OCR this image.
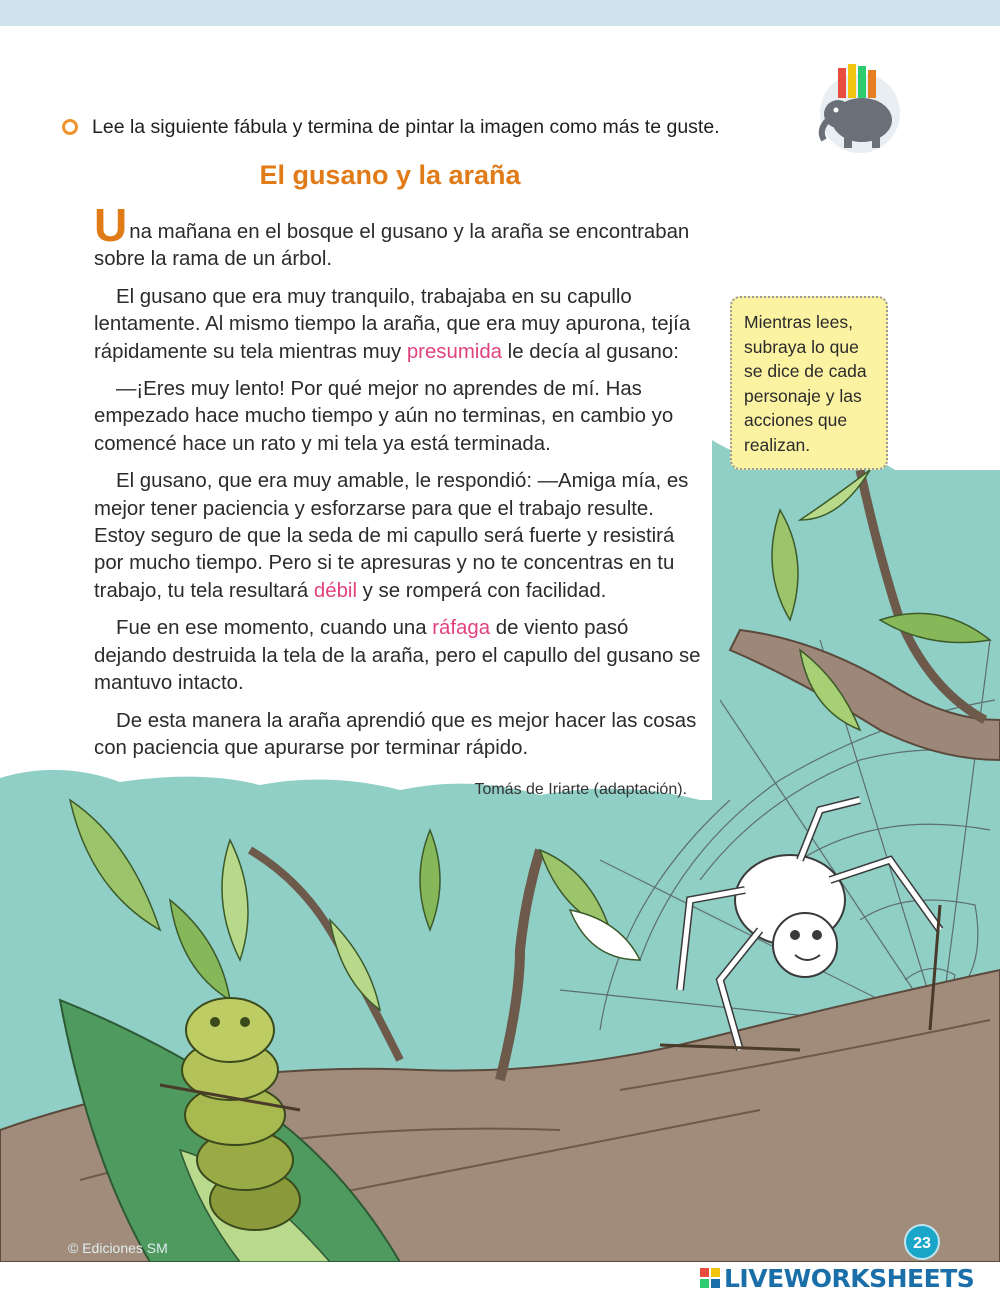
Lee la siguiente fábula y termina de pintar la imagen como más te guste.
El gusano y la araña

Una mañana en el bosque el gusano y la araña se encontraban sobre la rama de un árbol.

El gusano que era muy tranquilo, trabajaba en su capullo lentamente. Al mismo tiempo la araña, que era muy apurona, tejía rápidamente su tela mientras muy presumida le decía al gusano:

—¡Eres muy lento! Por qué mejor no aprendes de mí. Has empezado hace mucho tiempo y aún no terminas, en cambio yo comencé hace un rato y mi tela ya está terminada.

El gusano, que era muy amable, le respondió: —Amiga mía, es mejor tener paciencia y esforzarse para que el trabajo resulte. Estoy seguro de que la seda de mi capullo será fuerte y resistirá por mucho tiempo. Pero si te apresuras y no te concentras en tu trabajo, tu tela resultará débil y se romperá con facilidad.

Fue en ese momento, cuando una ráfaga de viento pasó dejando destruida la tela de la araña, pero el capullo del gusano se mantuvo intacto.

De esta manera la araña aprendió que es mejor hacer las cosas con paciencia que apurarse por terminar rápido.

Tomás de Iriarte (adaptación).
Mientras lees, subraya lo que se dice de cada personaje y las acciones que realizan.
© Ediciones SM	23
LIVEWORKSHEETS
